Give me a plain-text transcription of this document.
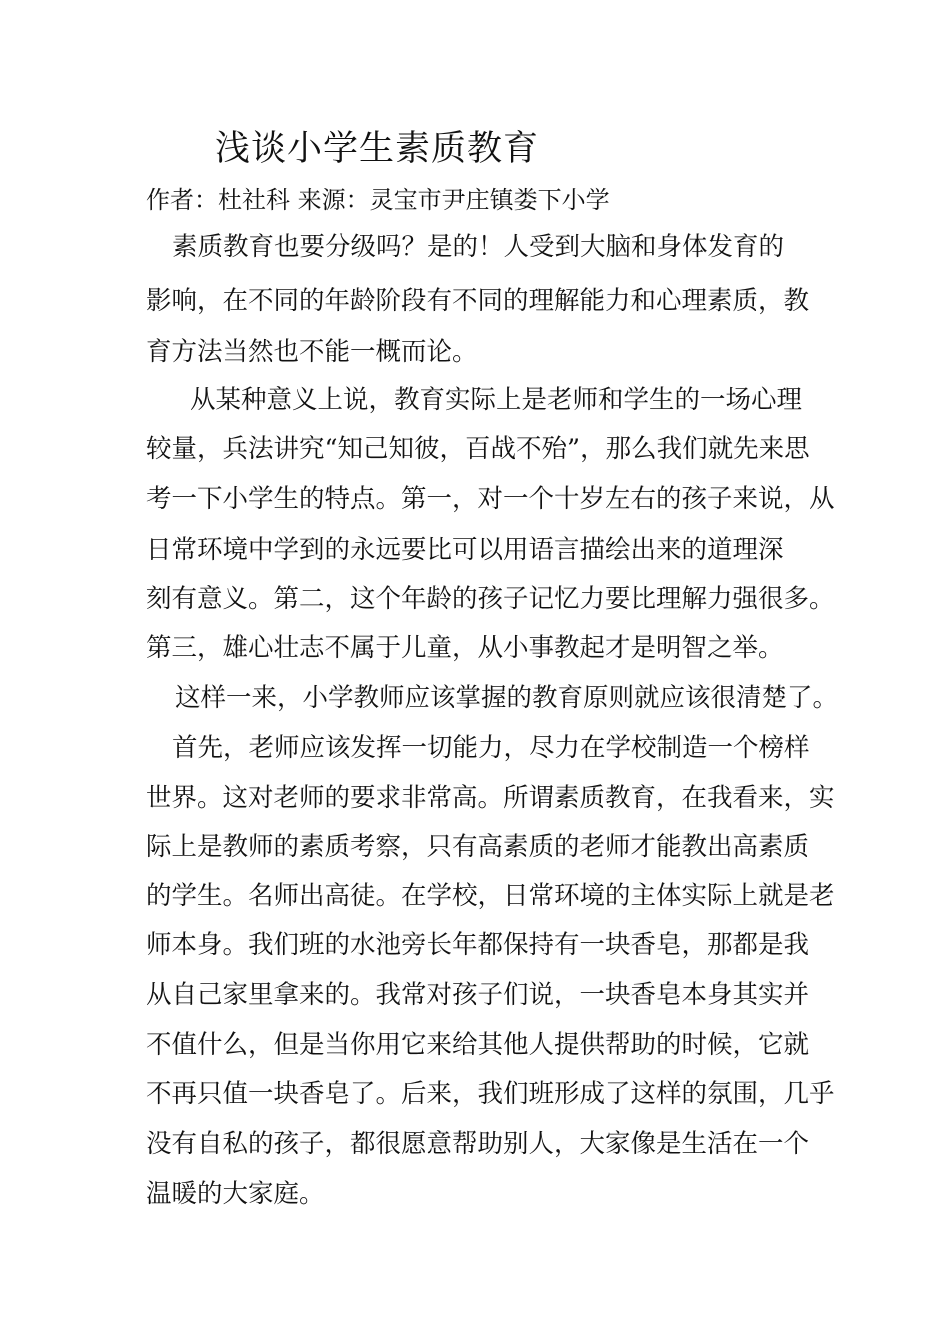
浅谈小学生素质教育
作者：杜社科 来源：灵宝市尹庄镇娄下小学
素质教育也要分级吗？是的！人受到大脑和身体发育的
影响，在不同的年龄阶段有不同的理解能力和心理素质，教
育方法当然也不能一概而论。
从某种意义上说，教育实际上是老师和学生的一场心理
较量，兵法讲究“知己知彼，百战不殆”，那么我们就先来思
考一下小学生的特点。第一，对一个十岁左右的孩子来说，从
日常环境中学到的永远要比可以用语言描绘出来的道理深
刻有意义。第二，这个年龄的孩子记忆力要比理解力强很多。
第三，雄心壮志不属于儿童，从小事教起才是明智之举。
这样一来，小学教师应该掌握的教育原则就应该很清楚了。
首先，老师应该发挥一切能力，尽力在学校制造一个榜样
世界。这对老师的要求非常高。所谓素质教育，在我看来，实
际上是教师的素质考察，只有高素质的老师才能教出高素质
的学生。名师出高徒。在学校，日常环境的主体实际上就是老
师本身。我们班的水池旁长年都保持有一块香皂，那都是我
从自己家里拿来的。我常对孩子们说，一块香皂本身其实并
不值什么，但是当你用它来给其他人提供帮助的时候，它就
不再只值一块香皂了。后来，我们班形成了这样的氛围，几乎
没有自私的孩子，都很愿意帮助别人，大家像是生活在一个
温暖的大家庭。
